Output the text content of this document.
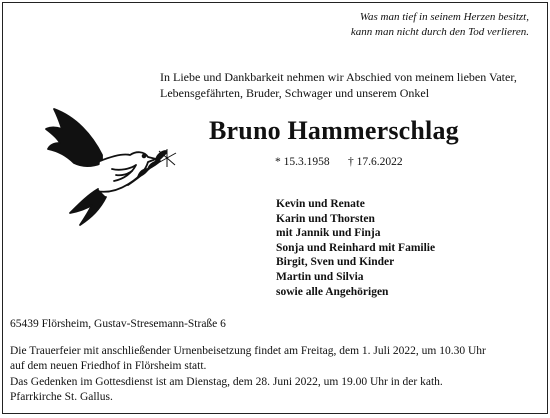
Was man tief in seinem Herzen besitzt,
kann man nicht durch den Tod verlieren.
In Liebe und Dankbarkeit nehmen wir Abschied von meinem lieben Vater,
Lebensgefährten, Bruder, Schwager und unserem Onkel
Bruno Hammerschlag
* 15.3.1958 † 17.6.2022
Kevin und Renate
Karin und Thorsten
mit Jannik und Finja
Sonja und Reinhard mit Familie
Birgit, Sven und Kinder
Martin und Silvia
sowie alle Angehörigen
65439 Flörsheim, Gustav-Stresemann-Straße 6
Die Trauerfeier mit anschließender Urnenbeisetzung findet am Freitag, dem 1. Juli 2022, um 10.30 Uhr
auf dem neuen Friedhof in Flörsheim statt.
Das Gedenken im Gottesdienst ist am Dienstag, dem 28. Juni 2022, um 19.00 Uhr in der kath.
Pfarrkirche St. Gallus.
